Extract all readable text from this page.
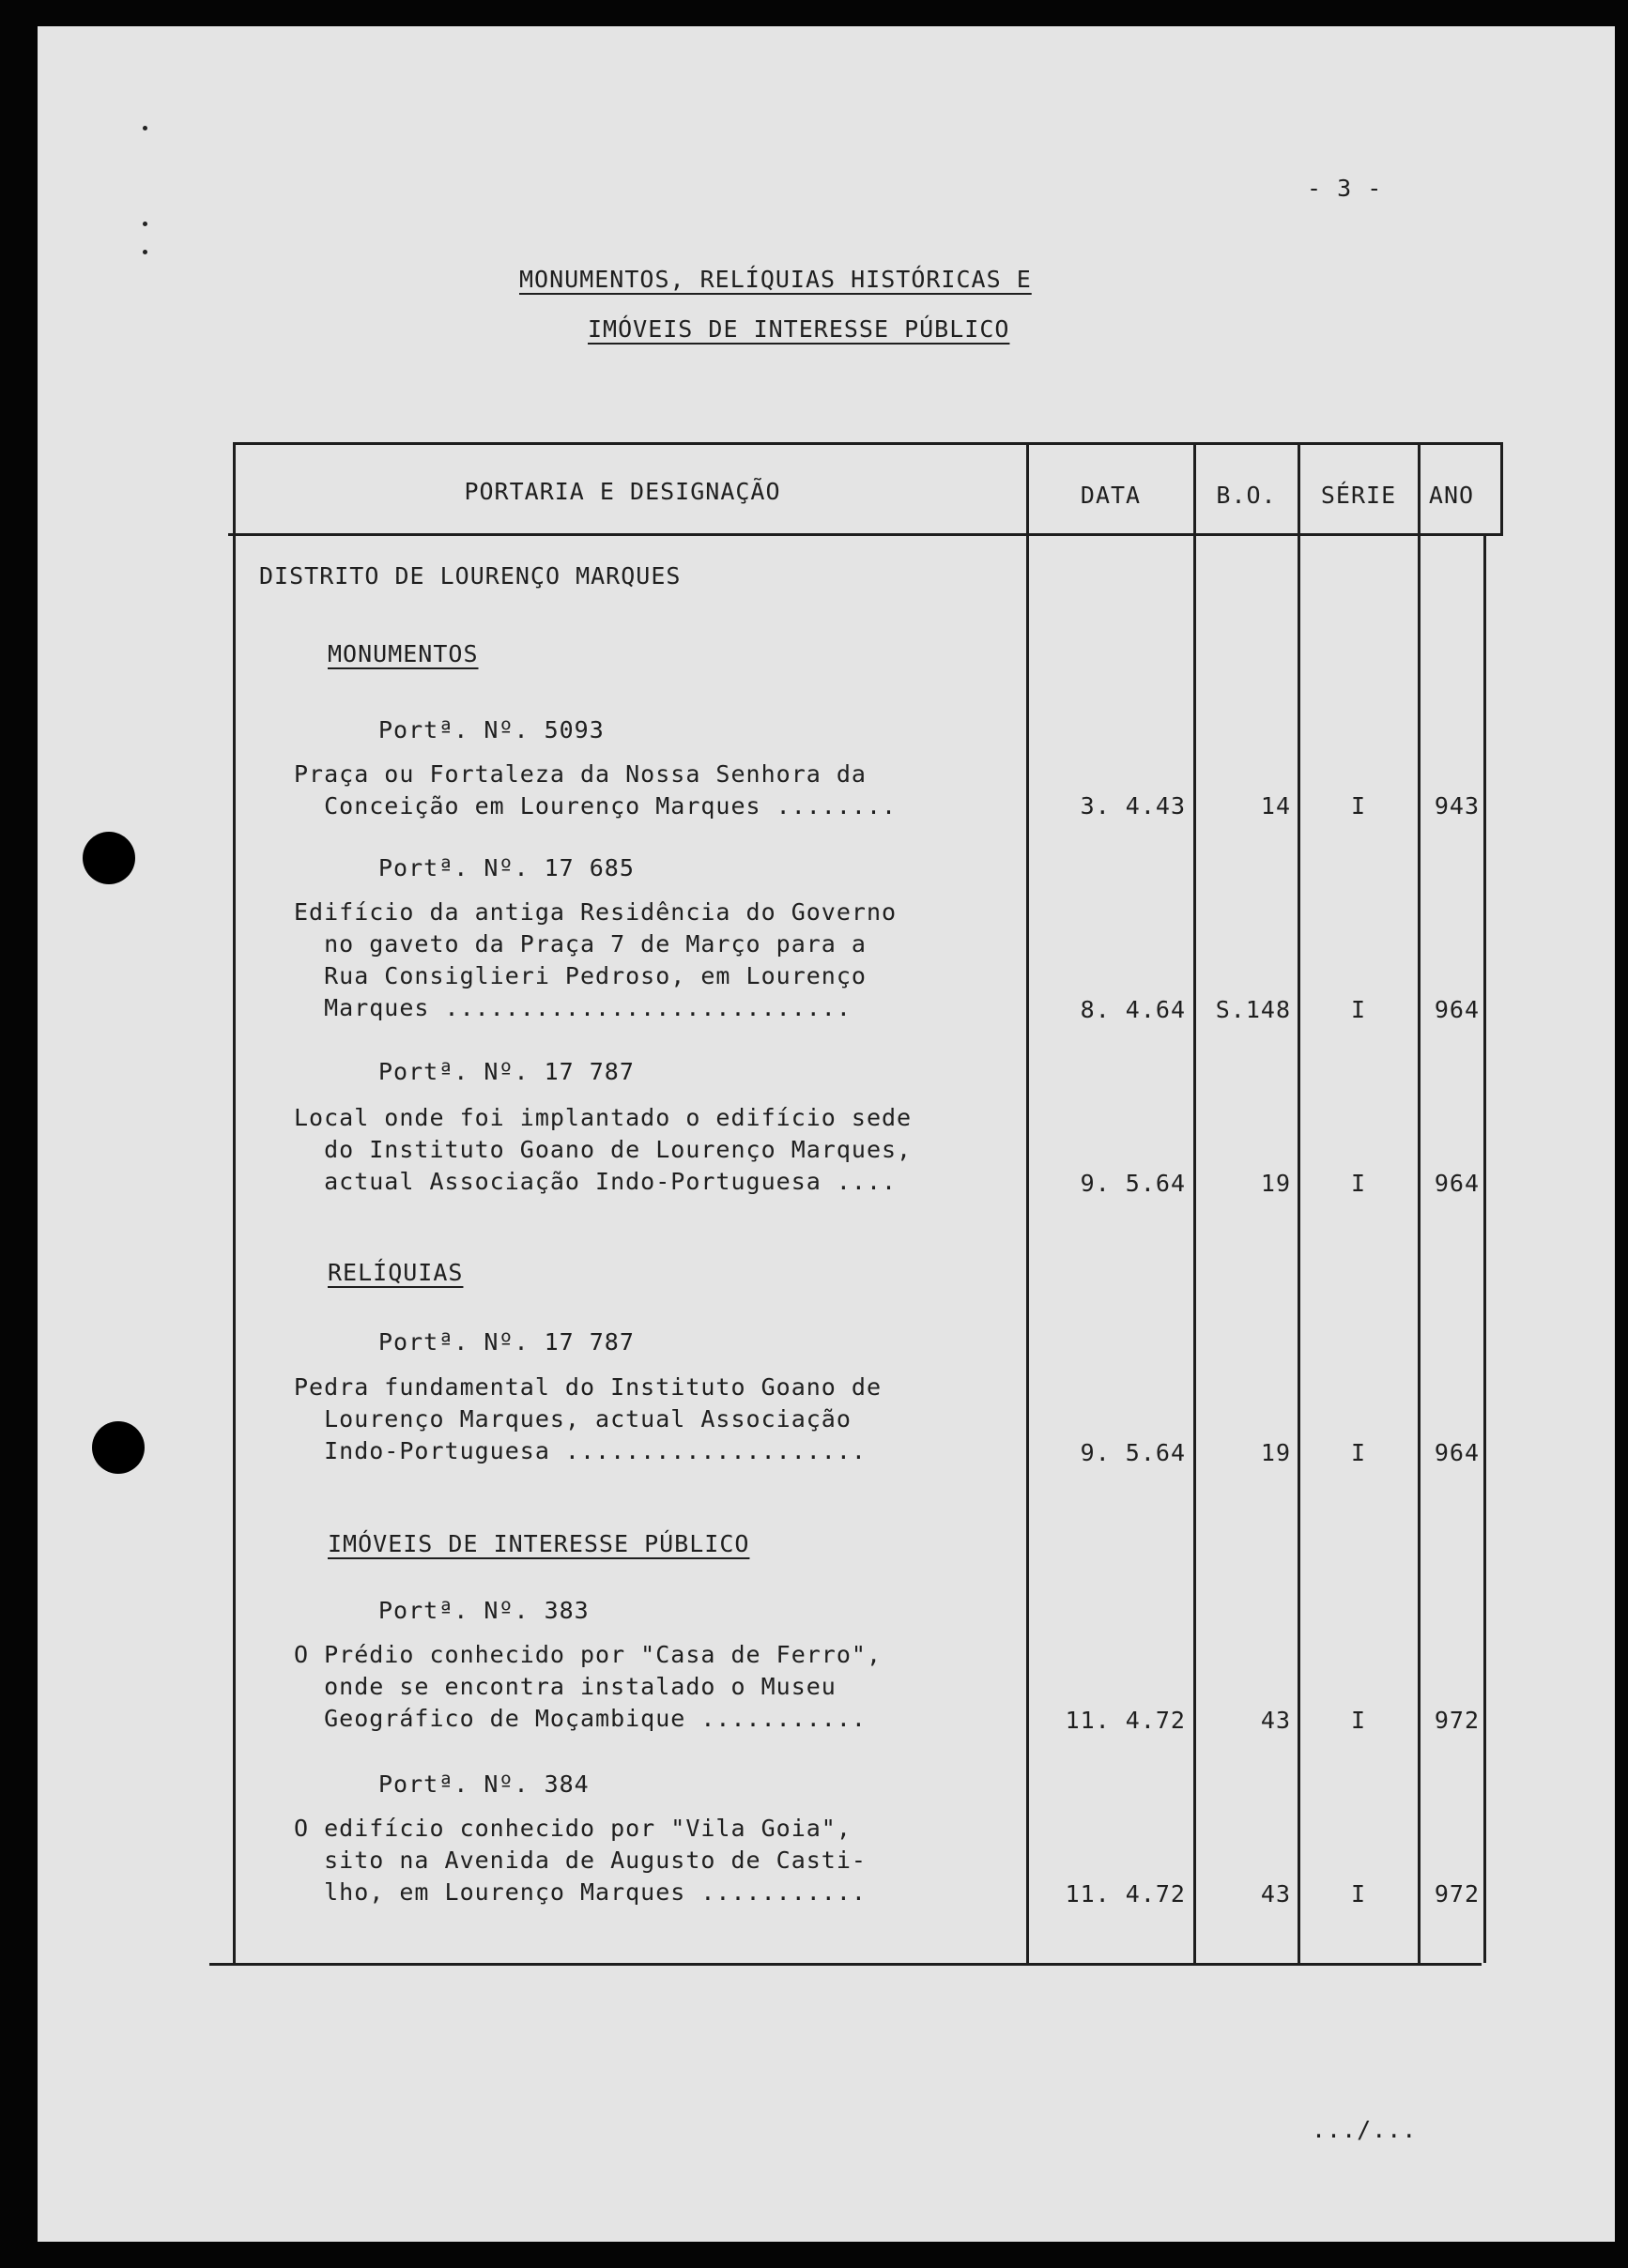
- 3 -
MONUMENTOS, RELÍQUIAS HISTÓRICAS E
IMÓVEIS DE INTERESSE PÚBLICO
PORTARIA E DESIGNAÇÃO	DATA	B.O.	SÉRIE	ANO
DISTRITO DE LOURENÇO MARQUES
MONUMENTOS
Portª. Nº. 5093
Praça ou Fortaleza da Nossa Senhora da
Conceição em Lourenço Marques ........	3. 4.43	14	I	943
Portª. Nº. 17 685
Edifício da antiga Residência do Governo
no gaveto da Praça 7 de Março para a
Rua Consiglieri Pedroso, em Lourenço
Marques ...........................	8. 4.64	S.148	I	964
Portª. Nº. 17 787
Local onde foi implantado o edifício sede
do Instituto Goano de Lourenço Marques,
actual Associação Indo-Portuguesa ....	9. 5.64	19	I	964
RELÍQUIAS
Portª. Nº. 17 787
Pedra fundamental do Instituto Goano de
Lourenço Marques, actual Associação
Indo-Portuguesa ....................	9. 5.64	19	I	964
IMÓVEIS DE INTERESSE PÚBLICO
Portª. Nº. 383
O Prédio conhecido por "Casa de Ferro",
onde se encontra instalado o Museu
Geográfico de Moçambique ...........	11. 4.72	43	I	972
Portª. Nº. 384
O edifício conhecido por "Vila Goia",
sito na Avenida de Augusto de Casti-
lho, em Lourenço Marques ...........	11. 4.72	43	I	972
.../...
